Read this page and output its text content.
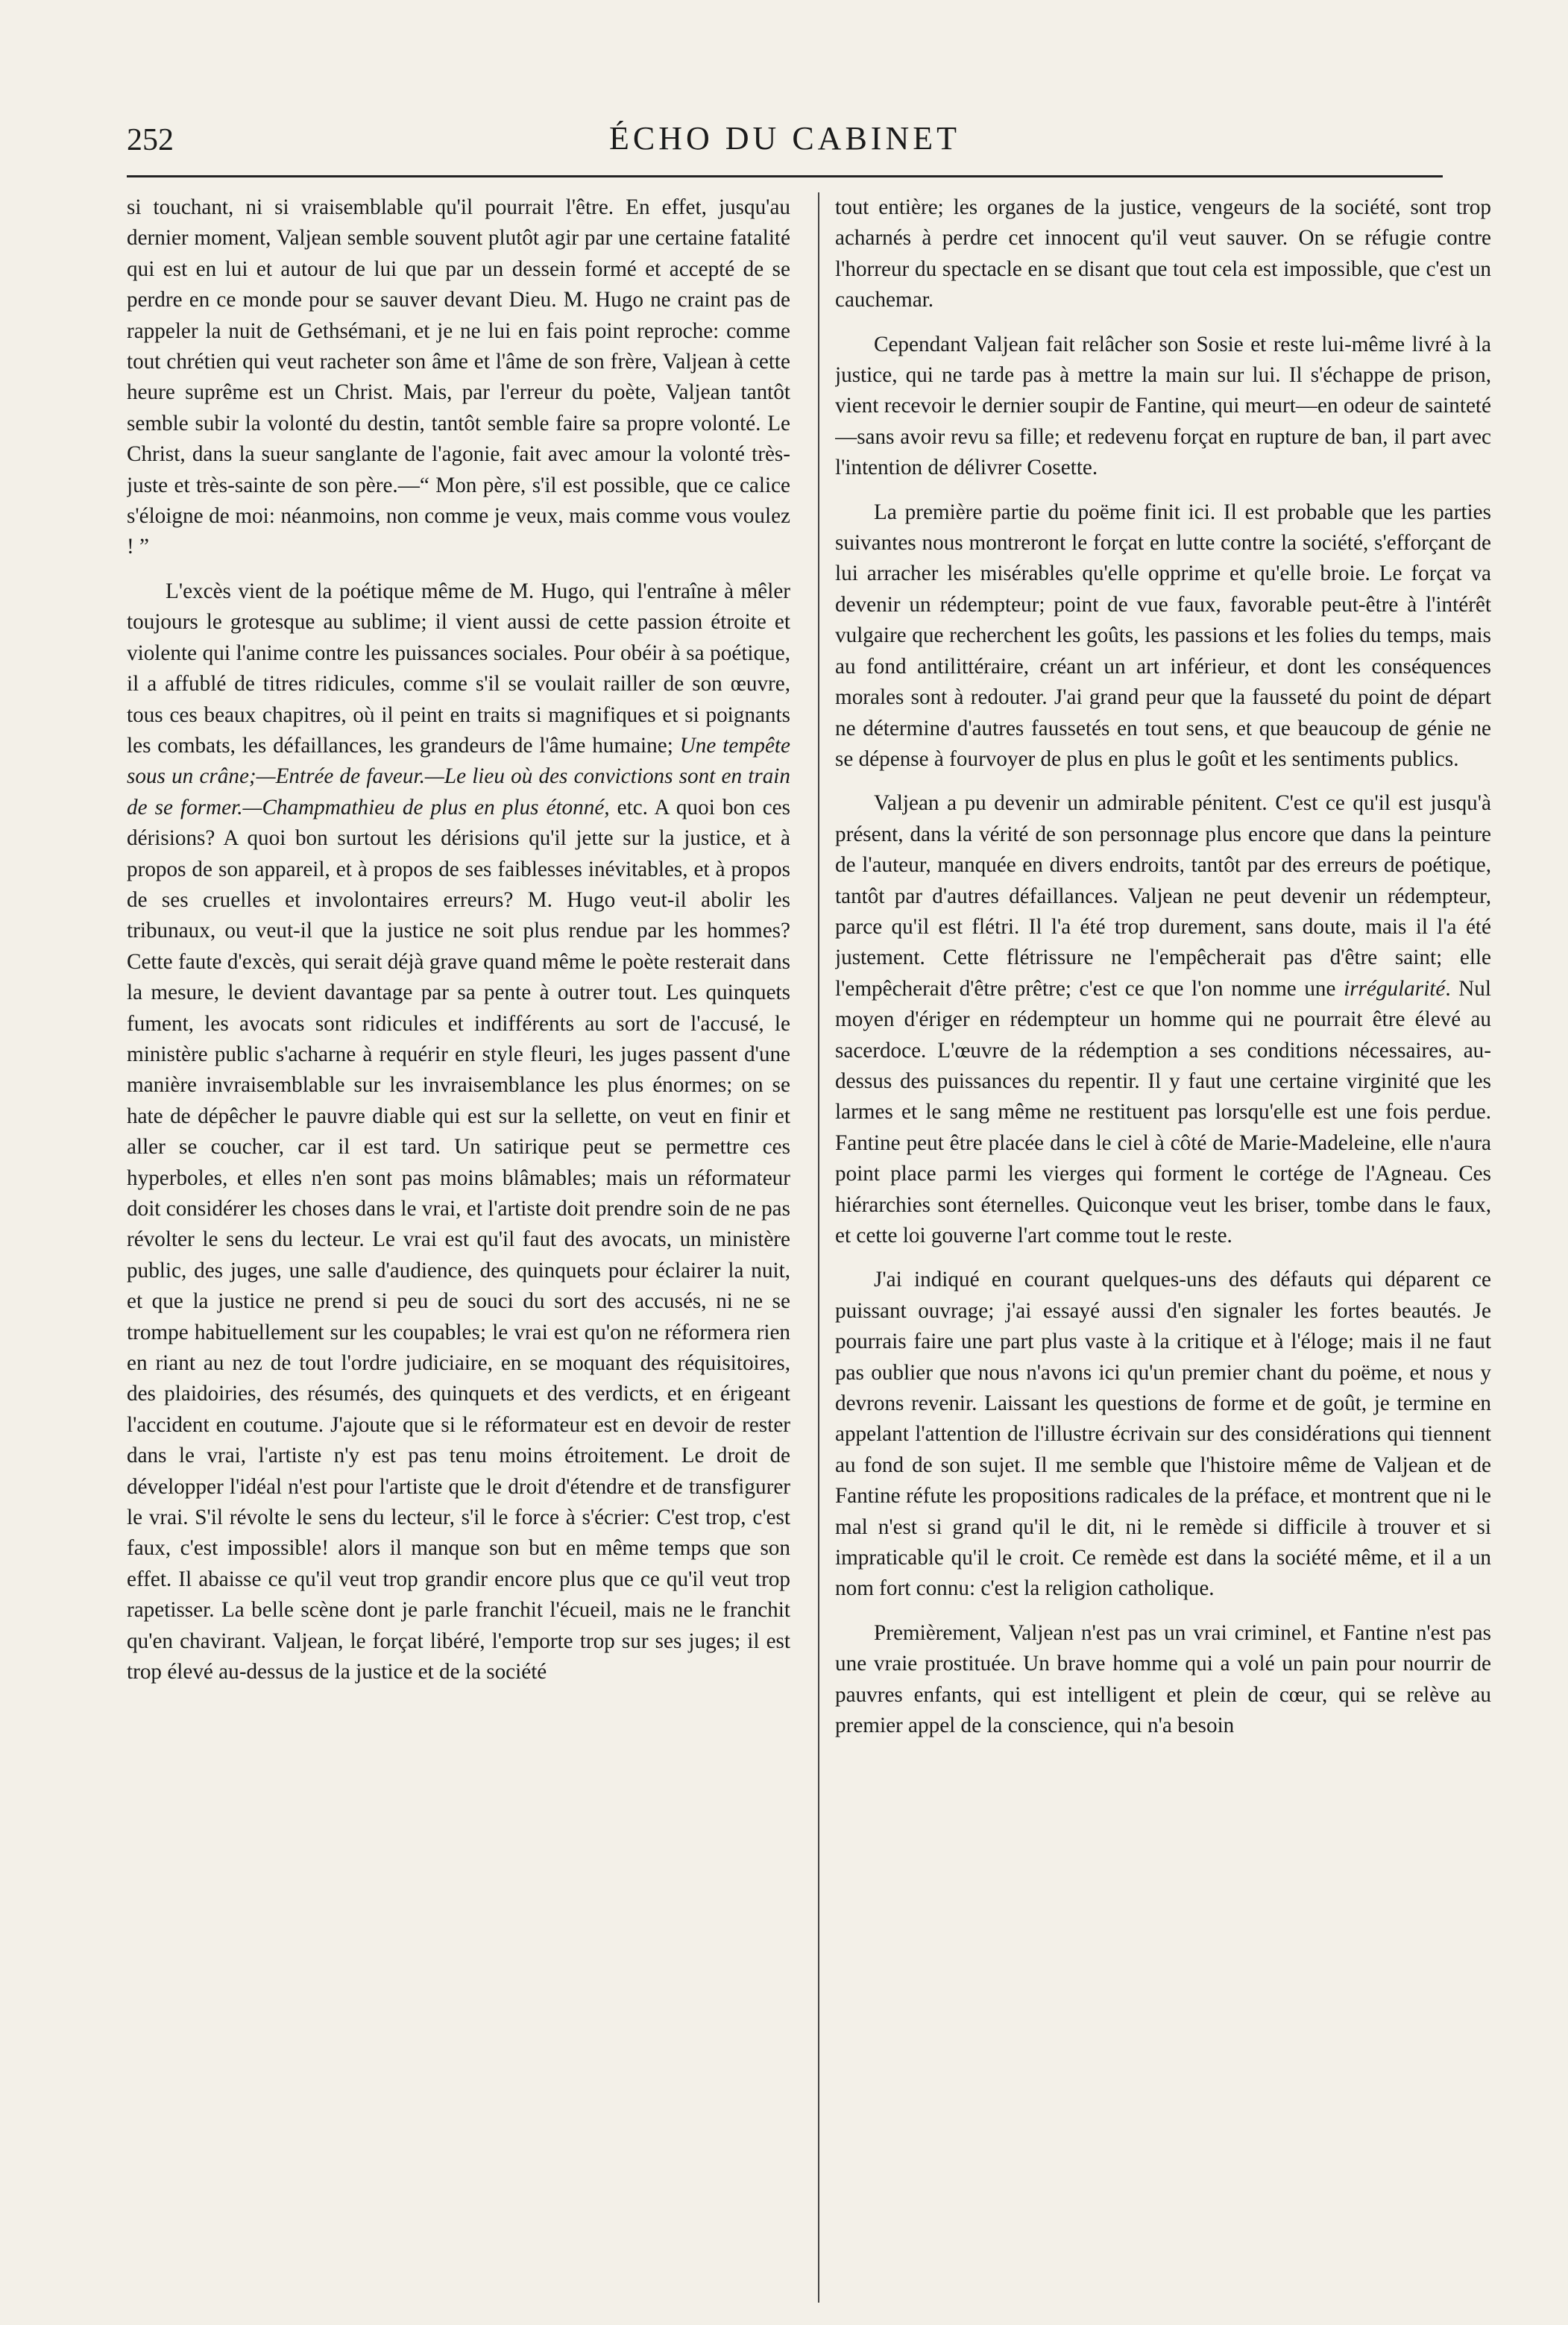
252	ÉCHO DU CABINET

si touchant, ni si vraisemblable qu'il pourrait l'être. En effet, jusqu'au dernier moment, Valjean semble souvent plutôt agir par une certaine fatalité qui est en lui et autour de lui que par un dessein formé et accepté de se perdre en ce monde pour se sauver devant Dieu. M. Hugo ne craint pas de rappeler la nuit de Gethsémani, et je ne lui en fais point reproche: comme tout chrétien qui veut racheter son âme et l'âme de son frère, Valjean à cette heure suprême est un Christ. Mais, par l'erreur du poète, Valjean tantôt semble subir la volonté du destin, tantôt semble faire sa propre volonté. Le Christ, dans la sueur sanglante de l'agonie, fait avec amour la volonté très-juste et très-sainte de son père.—“ Mon père, s'il est possible, que ce calice s'éloigne de moi: néanmoins, non comme je veux, mais comme vous voulez ! ”

L'excès vient de la poétique même de M. Hugo, qui l'entraîne à mêler toujours le grotesque au sublime; il vient aussi de cette passion étroite et violente qui l'anime contre les puissances sociales. Pour obéir à sa poétique, il a affublé de titres ridicules, comme s'il se voulait railler de son œuvre, tous ces beaux chapitres, où il peint en traits si magnifiques et si poignants les combats, les défaillances, les grandeurs de l'âme humaine; Une tempête sous un crâne;—Entrée de faveur.—Le lieu où des convictions sont en train de se former.—Champmathieu de plus en plus étonné, etc. A quoi bon ces dérisions? A quoi bon surtout les dérisions qu'il jette sur la justice, et à propos de son appareil, et à propos de ses faiblesses inévitables, et à propos de ses cruelles et involontaires erreurs? M. Hugo veut-il abolir les tribunaux, ou veut-il que la justice ne soit plus rendue par les hommes? Cette faute d'excès, qui serait déjà grave quand même le poète resterait dans la mesure, le devient davantage par sa pente à outrer tout. Les quinquets fument, les avocats sont ridicules et indifférents au sort de l'accusé, le ministère public s'acharne à requérir en style fleuri, les juges passent d'une manière invraisemblable sur les invraisemblance les plus énormes; on se hate de dépêcher le pauvre diable qui est sur la sellette, on veut en finir et aller se coucher, car il est tard. Un satirique peut se permettre ces hyperboles, et elles n'en sont pas moins blâmables; mais un réformateur doit considérer les choses dans le vrai, et l'artiste doit prendre soin de ne pas révolter le sens du lecteur. Le vrai est qu'il faut des avocats, un ministère public, des juges, une salle d'audience, des quinquets pour éclairer la nuit, et que la justice ne prend si peu de souci du sort des accusés, ni ne se trompe habituellement sur les coupables; le vrai est qu'on ne réformera rien en riant au nez de tout l'ordre judiciaire, en se moquant des réquisitoires, des plaidoiries, des résumés, des quinquets et des verdicts, et en érigeant l'accident en coutume. J'ajoute que si le réformateur est en devoir de rester dans le vrai, l'artiste n'y est pas tenu moins étroitement. Le droit de développer l'idéal n'est pour l'artiste que le droit d'étendre et de transfigurer le vrai. S'il révolte le sens du lecteur, s'il le force à s'écrier: C'est trop, c'est faux, c'est impossible! alors il manque son but en même temps que son effet. Il abaisse ce qu'il veut trop grandir encore plus que ce qu'il veut trop rapetisser. La belle scène dont je parle franchit l'écueil, mais ne le franchit qu'en chavirant. Valjean, le forçat libéré, l'emporte trop sur ses juges; il est trop élevé au-dessus de la justice et de la société

tout entière; les organes de la justice, vengeurs de la société, sont trop acharnés à perdre cet innocent qu'il veut sauver. On se réfugie contre l'horreur du spectacle en se disant que tout cela est impossible, que c'est un cauchemar.

Cependant Valjean fait relâcher son Sosie et reste lui-même livré à la justice, qui ne tarde pas à mettre la main sur lui. Il s'échappe de prison, vient recevoir le dernier soupir de Fantine, qui meurt—en odeur de sainteté—sans avoir revu sa fille; et redevenu forçat en rupture de ban, il part avec l'intention de délivrer Cosette.

La première partie du poëme finit ici. Il est probable que les parties suivantes nous montreront le forçat en lutte contre la société, s'efforçant de lui arracher les misérables qu'elle opprime et qu'elle broie. Le forçat va devenir un rédempteur; point de vue faux, favorable peut-être à l'intérêt vulgaire que recherchent les goûts, les passions et les folies du temps, mais au fond antilittéraire, créant un art inférieur, et dont les conséquences morales sont à redouter. J'ai grand peur que la fausseté du point de départ ne détermine d'autres faussetés en tout sens, et que beaucoup de génie ne se dépense à fourvoyer de plus en plus le goût et les sentiments publics.

Valjean a pu devenir un admirable pénitent. C'est ce qu'il est jusqu'à présent, dans la vérité de son personnage plus encore que dans la peinture de l'auteur, manquée en divers endroits, tantôt par des erreurs de poétique, tantôt par d'autres défaillances. Valjean ne peut devenir un rédempteur, parce qu'il est flétri. Il l'a été trop durement, sans doute, mais il l'a été justement. Cette flétrissure ne l'empêcherait pas d'être saint; elle l'empêcherait d'être prêtre; c'est ce que l'on nomme une irrégularité. Nul moyen d'ériger en rédempteur un homme qui ne pourrait être élevé au sacerdoce. L'œuvre de la rédemption a ses conditions nécessaires, au-dessus des puissances du repentir. Il y faut une certaine virginité que les larmes et le sang même ne restituent pas lorsqu'elle est une fois perdue. Fantine peut être placée dans le ciel à côté de Marie-Madeleine, elle n'aura point place parmi les vierges qui forment le cortége de l'Agneau. Ces hiérarchies sont éternelles. Quiconque veut les briser, tombe dans le faux, et cette loi gouverne l'art comme tout le reste.

J'ai indiqué en courant quelques-uns des défauts qui déparent ce puissant ouvrage; j'ai essayé aussi d'en signaler les fortes beautés. Je pourrais faire une part plus vaste à la critique et à l'éloge; mais il ne faut pas oublier que nous n'avons ici qu'un premier chant du poëme, et nous y devrons revenir. Laissant les questions de forme et de goût, je termine en appelant l'attention de l'illustre écrivain sur des considérations qui tiennent au fond de son sujet. Il me semble que l'histoire même de Valjean et de Fantine réfute les propositions radicales de la préface, et montrent que ni le mal n'est si grand qu'il le dit, ni le remède si difficile à trouver et si impraticable qu'il le croit. Ce remède est dans la société même, et il a un nom fort connu: c'est la religion catholique.

Premièrement, Valjean n'est pas un vrai criminel, et Fantine n'est pas une vraie prostituée. Un brave homme qui a volé un pain pour nourrir de pauvres enfants, qui est intelligent et plein de cœur, qui se relève au premier appel de la conscience, qui n'a besoin
